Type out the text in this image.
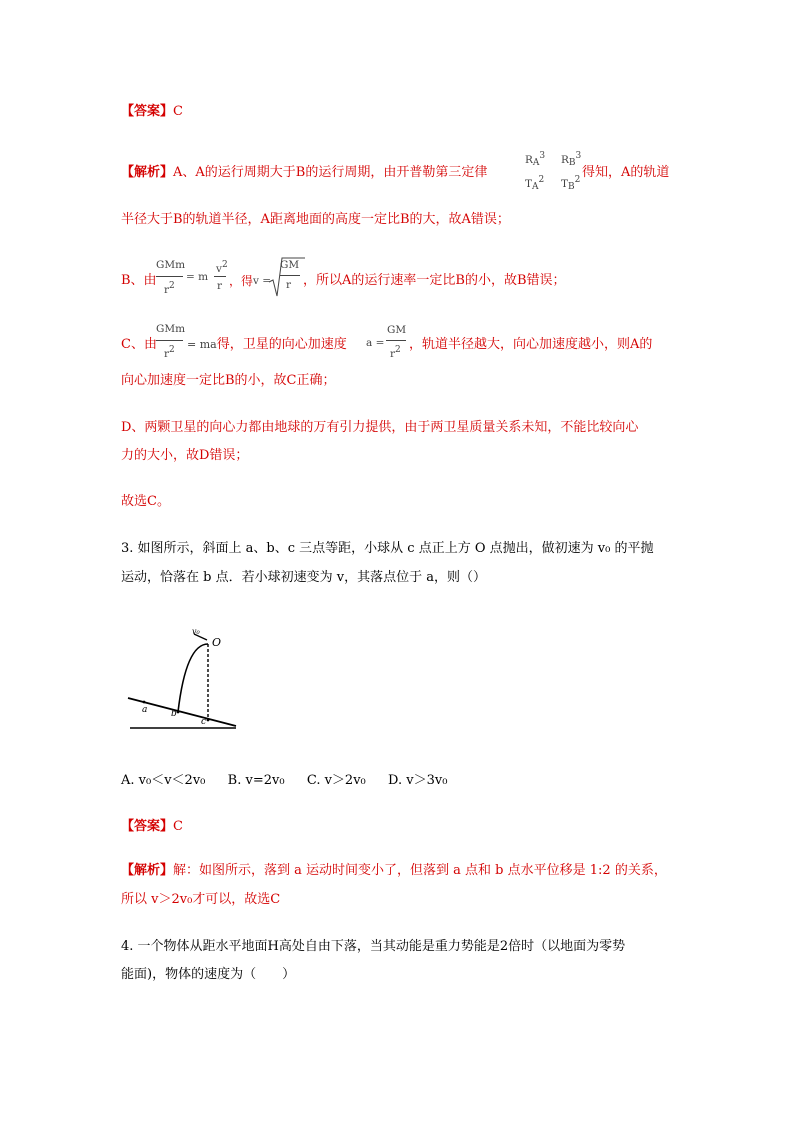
【答案】C
【解析】A、A的运行周期大于B的运行周期，由开普勒第三定律
$R_A^3$ $R_B^3$
$T_A^2$ $T_B^2$ 得知，A的轨道
半径大于B的轨道半径，A距离地面的高度一定比B的大，故A错误；
B、由
GMm
$r^2$
= m
$v^2$
r ，得 v =
GM
r ，所以A的运行速率一定比B的小，故B错误；
C、由
GMm
$r^2$ = ma得，卫星的向心加速度 a =
GM
$r^2$ ，轨道半径越大，向心加速度越小，则A的
向心加速度一定比B的小，故C正确；
D、两颗卫星的向心力都由地球的万有引力提供，由于两卫星质量关系未知，不能比较向心
力的大小，故D错误；
故选C。
3. 如图所示，斜面上 a、b、c 三点等距，小球从 c 点正上方 O 点抛出，做初速为 v₀ 的平抛
运动，恰落在 b 点．若小球初速变为 v，其落点位于 a，则（）
O
v₀
a	b
c
A. v₀＜v＜2v₀ B. v=2v₀ C. v＞2v₀ D. v＞3v₀
【答案】C
【解析】解：如图所示，落到 a 运动时间变小了，但落到 a 点和 b 点水平位移是 1:2 的关系，
所以 v＞2v₀才可以，故选C
4. 一个物体从距水平地面H高处自由下落，当其动能是重力势能是2倍时（以地面为零势
能面)，物体的速度为（　　）
